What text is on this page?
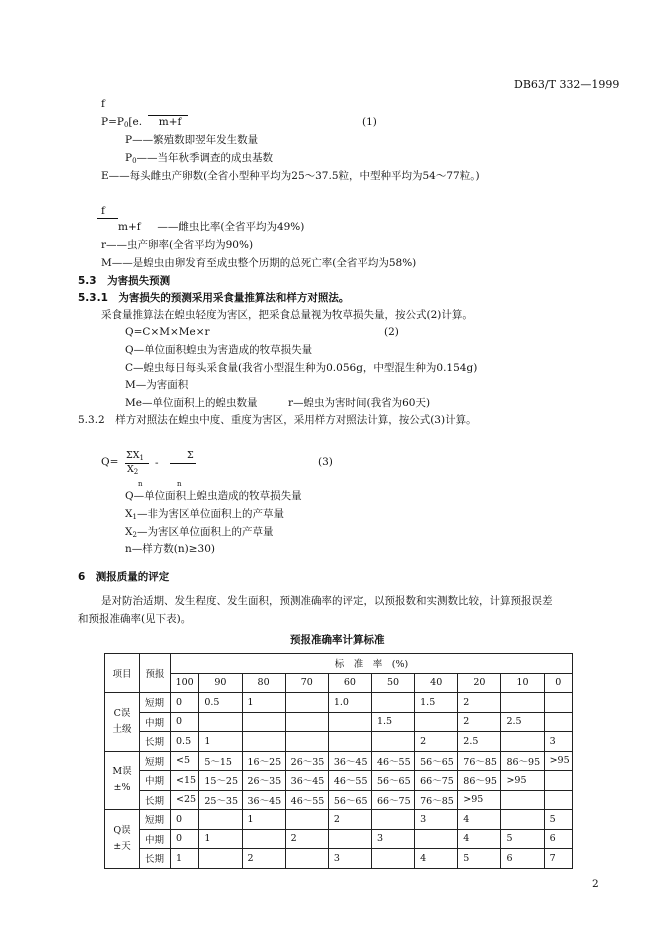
DB63/T 332—1999
f
$P=P_0[e$. m+f	(1)
P——繁殖数即翌年发生数量
$P_0——$当年秋季调查的成虫基数
E——每头雌虫产卵数(全省小型种平均为25～37.5粒，中型种平均为54～77粒。)
f
m+f ——雌虫比率(全省平均为49%)
r——虫产卵率(全省平均为90%)
M——是蝗虫由卵发育至成虫整个历期的总死亡率(全省平均为58%)
5.3　为害损失预测
5.3.1　为害损失的预测采用采食量推算法和样方对照法。
采食量推算法在蝗虫轻度为害区，把采食总量视为牧草损失量，按公式(2)计算。
Q=C×M×Me×r	(2)
Q—单位面积蝗虫为害造成的牧草损失量
C—蝗虫每日每头采食量(我省小型混生种为0.056g，中型混生种为0.154g)
M—为害面积
Me—单位面积上的蝗虫数量	r—蝗虫为害时间(我省为60天)
5.3.2　样方对照法在蝗虫中度、重度为害区，采用样方对照法计算，按公式(3)计算。
Q=
$\Sigma X_1$
$X_2$
-
Σ
n	n
(3)
Q—单位面积上蝗虫造成的牧草损失量
$X_1—$非为害区单位面积上的产草量
$X_2—$为害区单位面积上的产草量
n—样方数(n)≥30)
6　测报质量的评定
是对防治适期、发生程度、发生面积，预测准确率的评定，以预报数和实测数比较，计算预报误差
和预报准确率(见下表)。
预报准确率计算标准
项目	预报	标　准　率　(%)									
		100	90	80	70	60	50	40	20	10	0
C误土级	短期	0	0.5	1		1.0		1.5	2		
	中期	0					1.5		2	2.5	
	长期	0.5	1					2	2.5		3
M误±%	短期	<5	5～15	16～25	26～35	36～45	46～55	56～65	76～85	86～95	>95
	中期	<15	15～25	26～35	36～45	46～55	56～65	66～75	86～95	>95	
	长期	<25	25～35	36～45	46～55	56～65	66～75	76～85	>95		
Q误±天	短期	0		1		2		3	4		5
	中期	0	1		2		3		4	5	6
	长期	1		2		3		4	5	6	7
2
